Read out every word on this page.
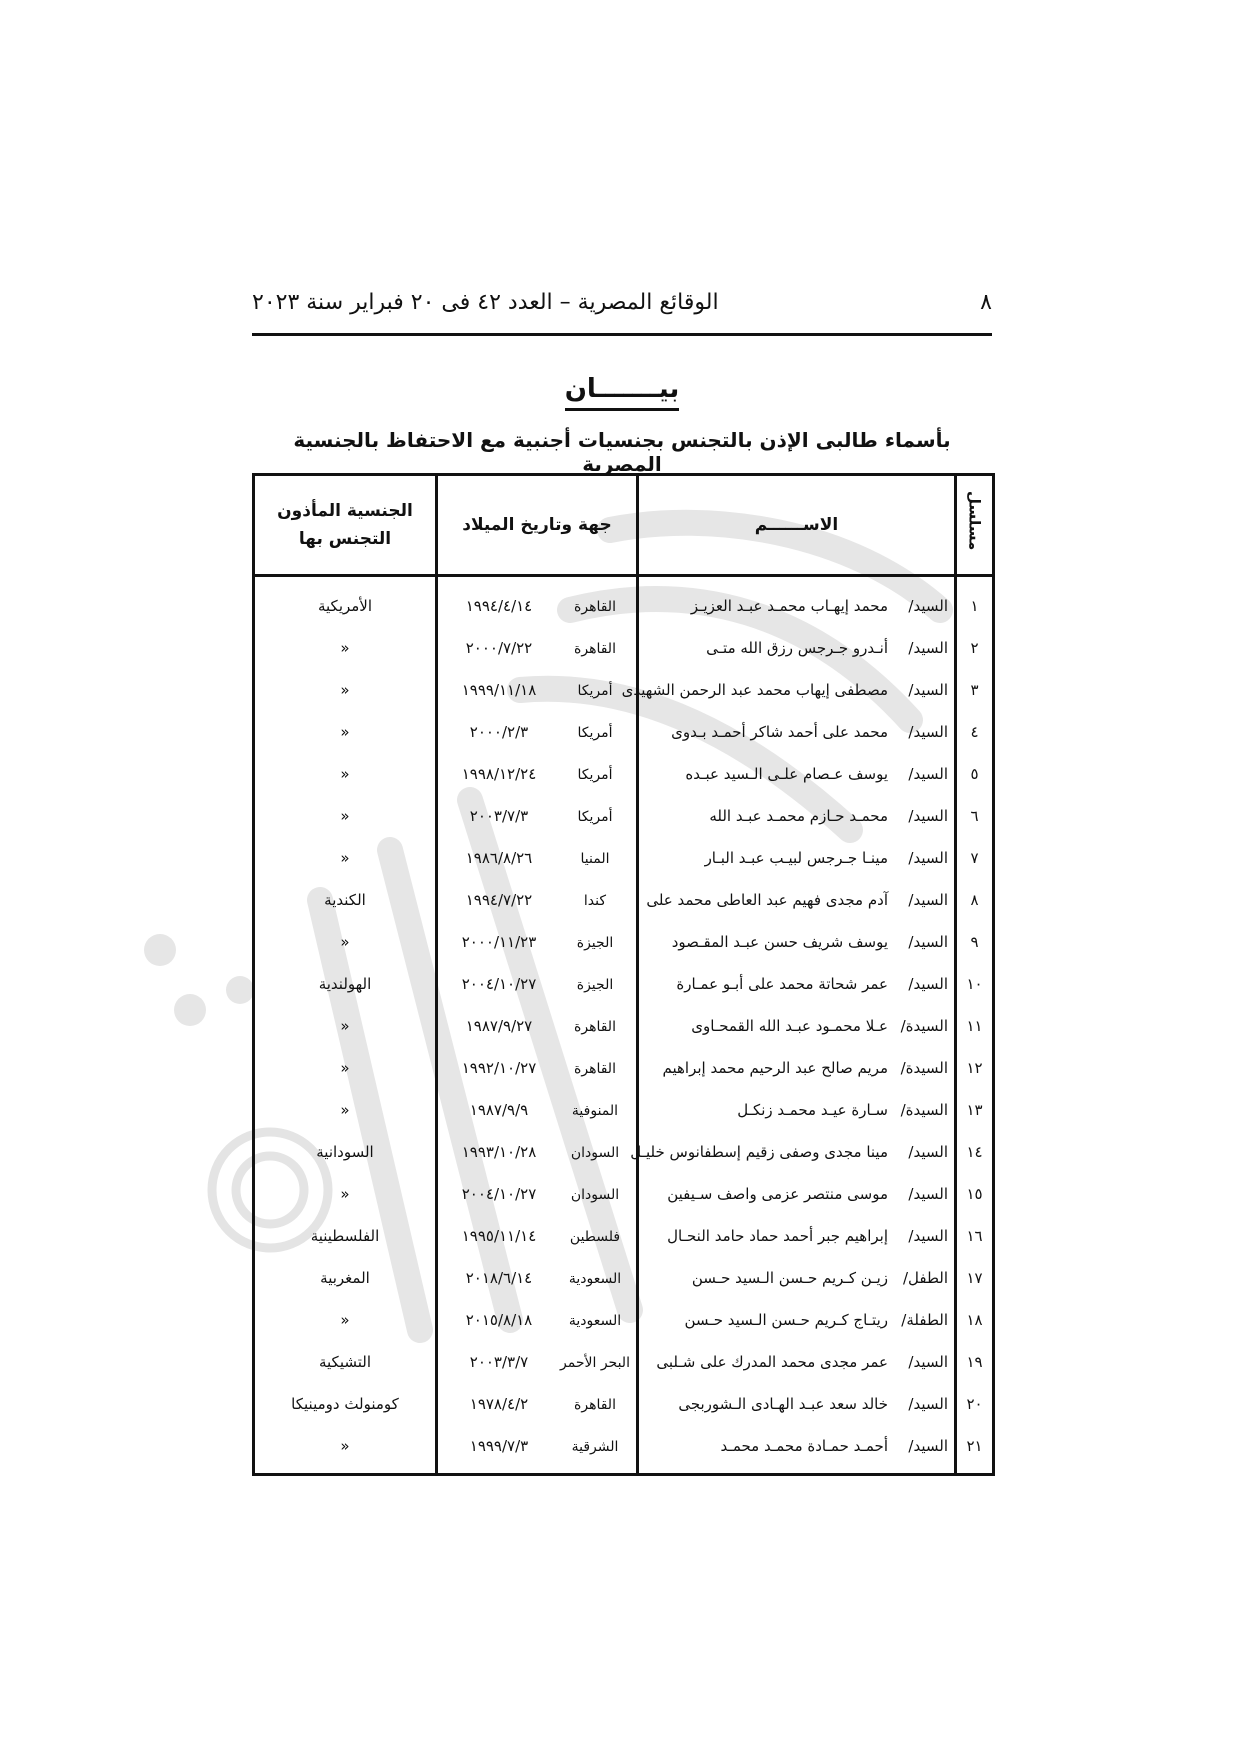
٨
الوقائع المصرية – العدد ٤٢ فى ٢٠ فبراير سنة ٢٠٢٣
بيـــــــان
بأسماء طالبى الإذن بالتجنس بجنسيات أجنبية مع الاحتفاظ بالجنسية المصرية
مسلسل	الاســــــم	جهة وتاريخ الميلاد	الجنسية المأذون
التجنس بها

١	السيد/محمد إيهـاب محمـد عبـد العزيـز	القاهرة١٩٩٤/٤/١٤	الأمريكية
٢	السيد/أنـدرو جـرجس رزق الله متـى	القاهرة٢٠٠٠/٧/٢٢	«
٣	السيد/مصطفى إيهاب محمد عبد الرحمن الشهيدى	أمريكا١٩٩٩/١١/١٨	«
٤	السيد/محمد على أحمد شاكر أحمـد بـدوى	أمريكا٢٠٠٠/٢/٣	«
٥	السيد/يوسف عـصام علـى الـسيد عبـده	أمريكا١٩٩٨/١٢/٢٤	«
٦	السيد/محمـد حـازم محمـد عبـد الله	أمريكا٢٠٠٣/٧/٣	«
٧	السيد/مينـا جـرجس لبيـب عبـد البـار	المنيا١٩٨٦/٨/٢٦	«
٨	السيد/آدم مجدى فهيم عبد العاطى محمد على	كندا١٩٩٤/٧/٢٢	الكندية
٩	السيد/يوسف شريف حسن عبـد المقـصود	الجيزة٢٠٠٠/١١/٢٣	«
١٠	السيد/عمر شحاتة محمد على أبـو عمـارة	الجيزة٢٠٠٤/١٠/٢٧	الهولندية
١١	السيدة/عـلا محمـود عبـد الله القمحـاوى	القاهرة١٩٨٧/٩/٢٧	«
١٢	السيدة/مريم صالح عبد الرحيم محمد إبراهيم	القاهرة١٩٩٢/١٠/٢٧	«
١٣	السيدة/سـارة عيـد محمـد زنكـل	المنوفية١٩٨٧/٩/٩	«
١٤	السيد/مينا مجدى وصفى زقيم إسطفانوس خليـل	السودان١٩٩٣/١٠/٢٨	السودانية
١٥	السيد/موسى منتصر عزمى واصف سـيفين	السودان٢٠٠٤/١٠/٢٧	«
١٦	السيد/إبراهيم جبر أحمد حماد حامد النحـال	فلسطين١٩٩٥/١١/١٤	الفلسطينية
١٧	الطفل/زيـن كـريم حـسن الـسيد حـسن	السعودية٢٠١٨/٦/١٤	المغربية
١٨	الطفلة/ريتـاج كـريم حـسن الـسيد حـسن	السعودية٢٠١٥/٨/١٨	«
١٩	السيد/عمر مجدى محمد المدرك على شـلبى	البحر الأحمر٢٠٠٣/٣/٧	التشيكية
٢٠	السيد/خالد سعد عبـد الهـادى الـشوربجى	القاهرة١٩٧٨/٤/٢	كومنولث دومينيكا
٢١	السيد/أحمـد حمـادة محمـد محمـد	الشرقية١٩٩٩/٧/٣	«
